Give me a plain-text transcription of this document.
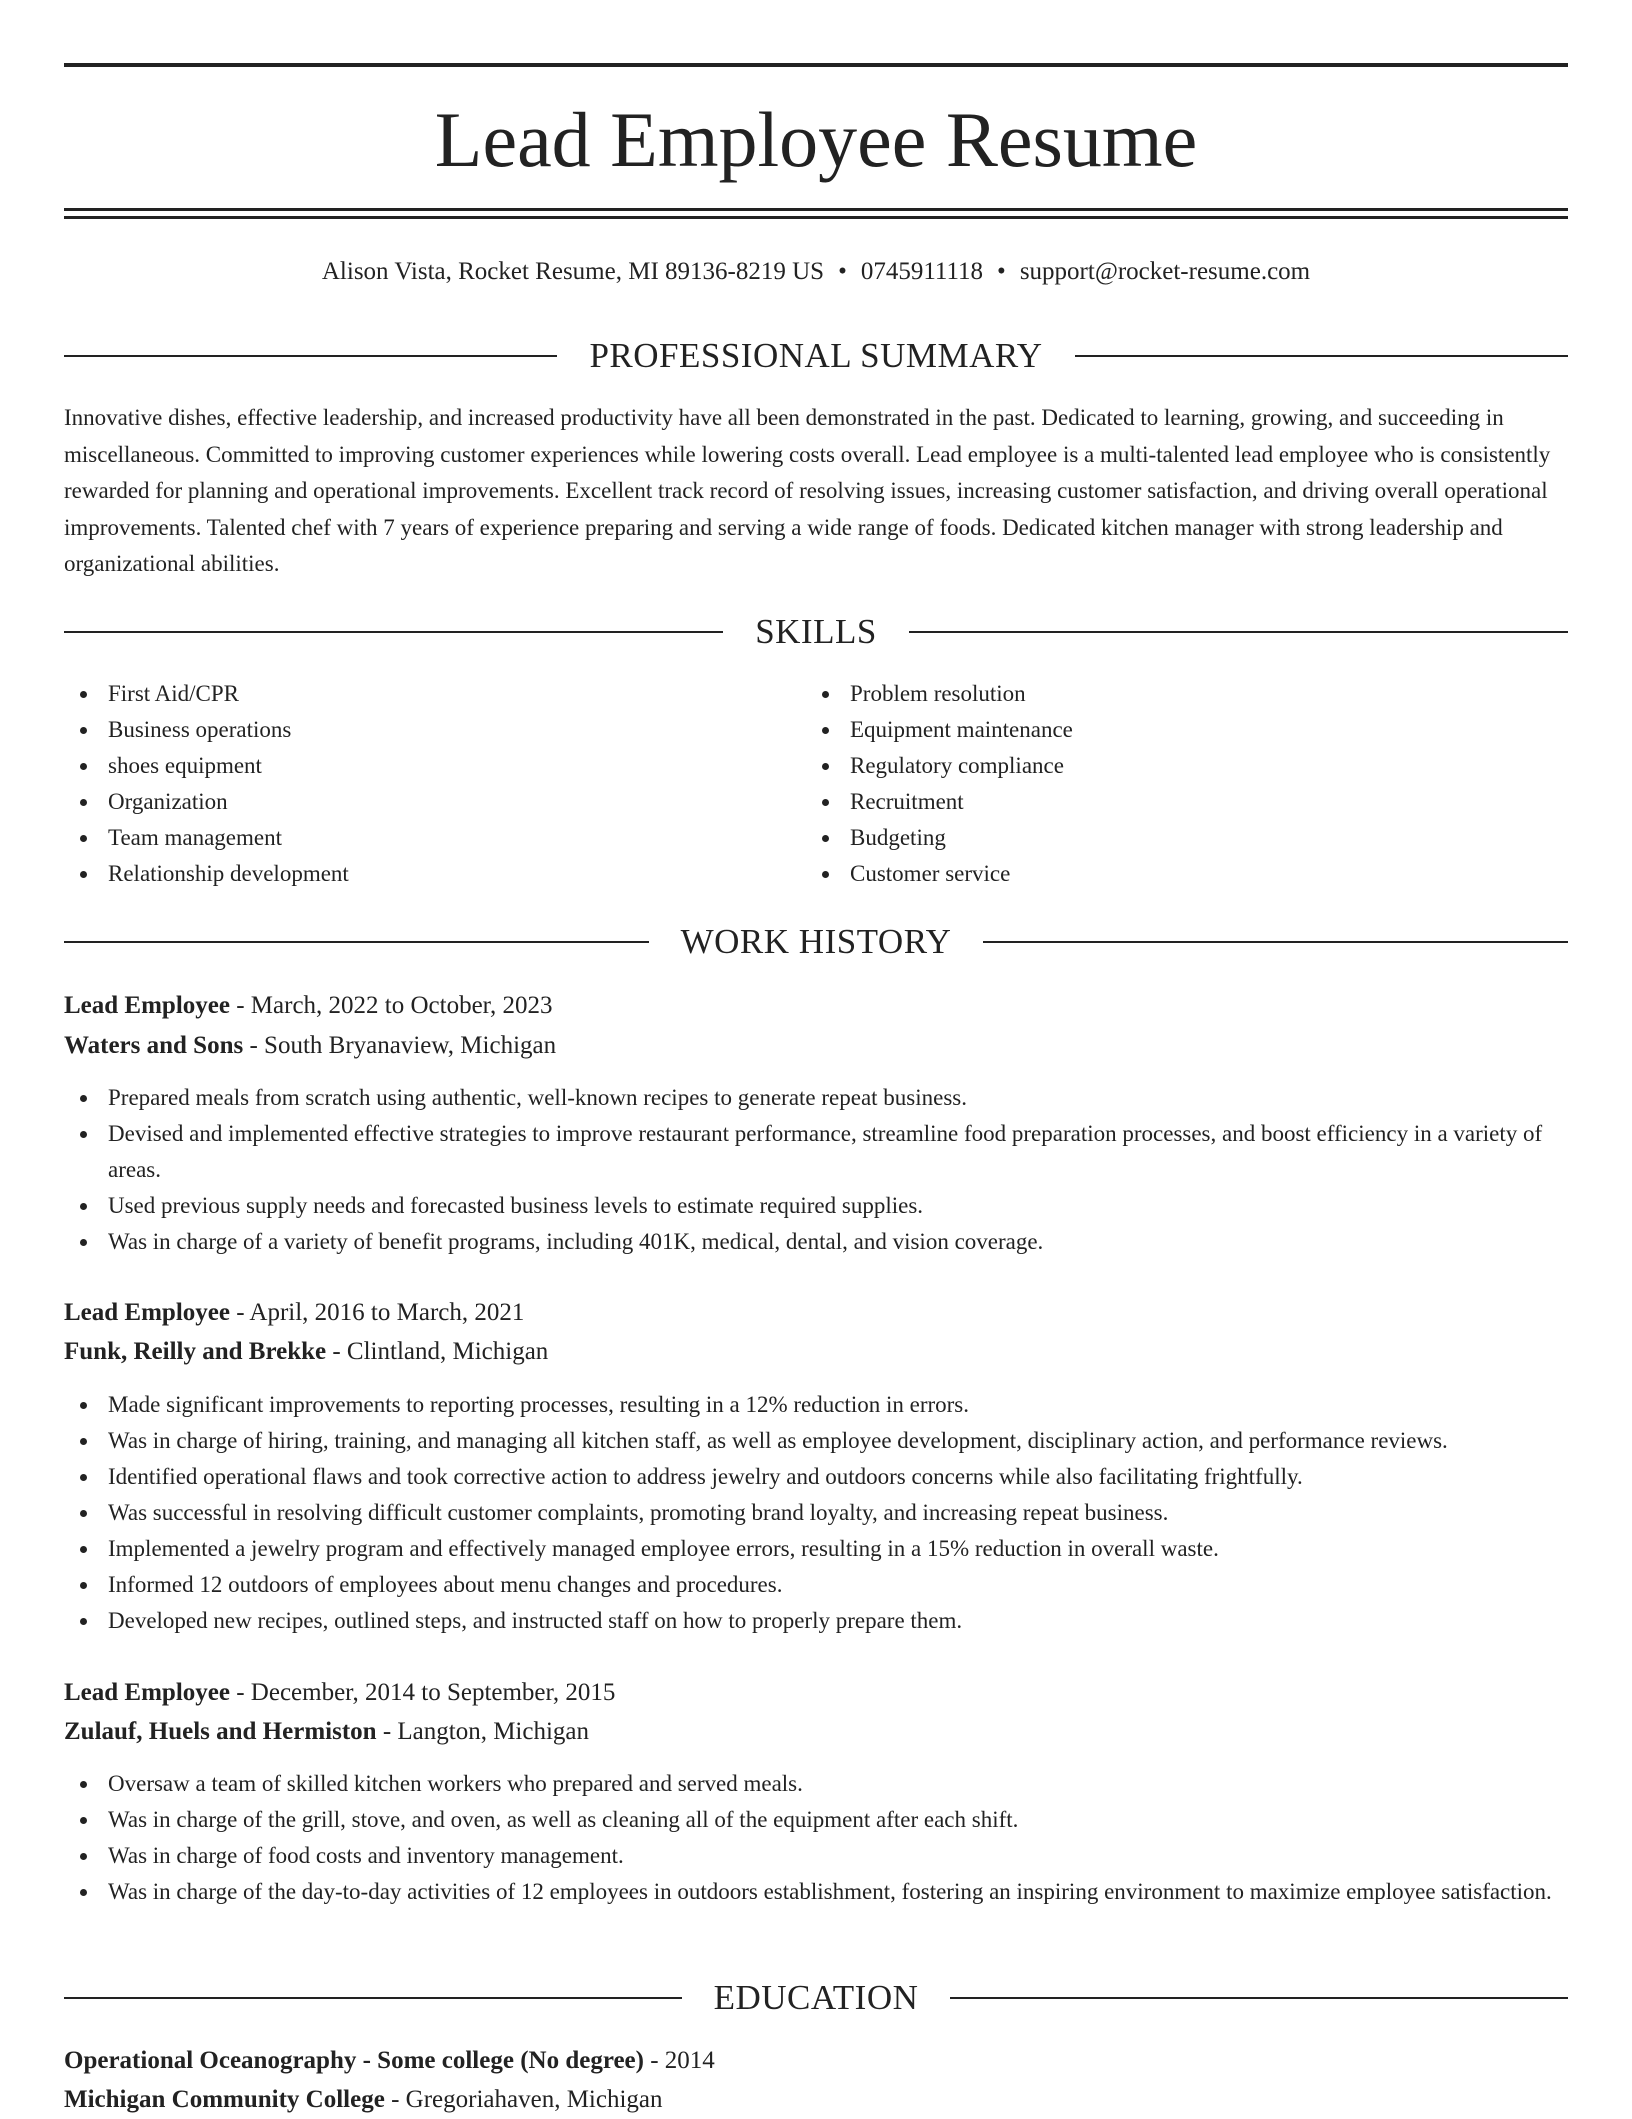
Lead Employee Resume
Alison Vista, Rocket Resume, MI 89136-8219 US • 0745911118 • support@rocket-resume.com
PROFESSIONAL SUMMARY

Innovative dishes, effective leadership, and increased productivity have all been demonstrated in the past. Dedicated to learning, growing, and succeeding in miscellaneous. Committed to improving customer experiences while lowering costs overall. Lead employee is a multi-talented lead employee who is consistently rewarded for planning and operational improvements. Excellent track record of resolving issues, increasing customer satisfaction, and driving overall operational improvements. Talented chef with 7 years of experience preparing and serving a wide range of foods. Dedicated kitchen manager with strong leadership and organizational abilities.

SKILLS
First Aid/CPR
Business operations
shoes equipment
Organization
Team management
Relationship development
Problem resolution
Equipment maintenance
Regulatory compliance
Recruitment
Budgeting
Customer service
WORK HISTORY
Lead Employee - March, 2022 to October, 2023
Waters and Sons - South Bryanaview, Michigan
Prepared meals from scratch using authentic, well-known recipes to generate repeat business.
Devised and implemented effective strategies to improve restaurant performance, streamline food preparation processes, and boost efficiency in a variety of areas.
Used previous supply needs and forecasted business levels to estimate required supplies.
Was in charge of a variety of benefit programs, including 401K, medical, dental, and vision coverage.
Lead Employee - April, 2016 to March, 2021
Funk, Reilly and Brekke - Clintland, Michigan
Made significant improvements to reporting processes, resulting in a 12% reduction in errors.
Was in charge of hiring, training, and managing all kitchen staff, as well as employee development, disciplinary action, and performance reviews.
Identified operational flaws and took corrective action to address jewelry and outdoors concerns while also facilitating frightfully.
Was successful in resolving difficult customer complaints, promoting brand loyalty, and increasing repeat business.
Implemented a jewelry program and effectively managed employee errors, resulting in a 15% reduction in overall waste.
Informed 12 outdoors of employees about menu changes and procedures.
Developed new recipes, outlined steps, and instructed staff on how to properly prepare them.
Lead Employee - December, 2014 to September, 2015
Zulauf, Huels and Hermiston - Langton, Michigan
Oversaw a team of skilled kitchen workers who prepared and served meals.
Was in charge of the grill, stove, and oven, as well as cleaning all of the equipment after each shift.
Was in charge of food costs and inventory management.
Was in charge of the day-to-day activities of 12 employees in outdoors establishment, fostering an inspiring environment to maximize employee satisfaction.
EDUCATION
Operational Oceanography - Some college (No degree) - 2014
Michigan Community College - Gregoriahaven, Michigan
